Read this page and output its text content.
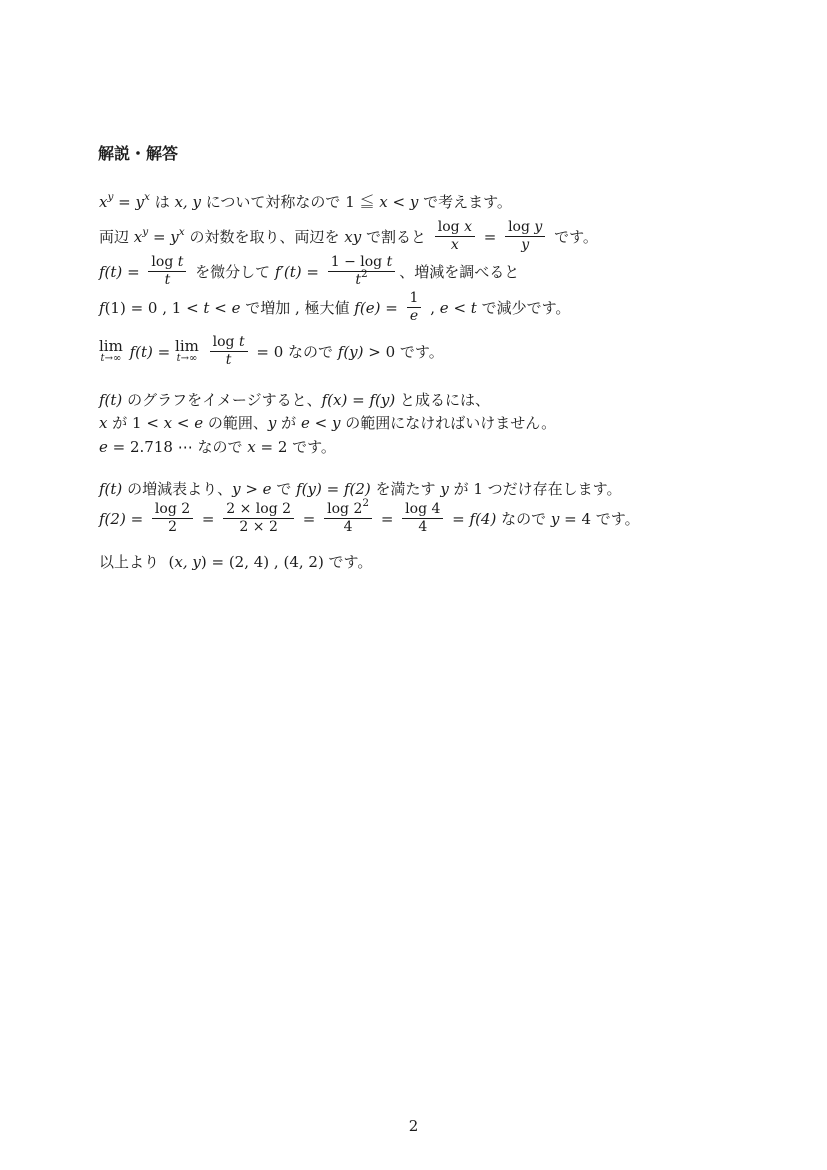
解説・解答
$x^y = y^x$ は x, y について対称なので 1 ≦ x < y で考えます。
両辺 $x^y = y^x$ の対数を取り、両辺を xy で割ると $\frac{\text{log x}}{x} = \frac{\text{log y}}{y}$ です。
$f(t) = \frac{\text{log t}}{t}$ を微分して $f'(t) = \frac{\text{1 − log t}}{t^2}$ 、増減を調べると
f(1) = 0 , 1 < t < e で増加 , 極大値 $f(e) = \frac{1}{e}$ , e < t で減少です。
lim
t→∞ f(t) = lim
t→∞
$\frac{\text{log t}}{t} = 0$ なので f(y) > 0 です。
f(t) のグラフをイメージすると、f(x) = f(y) と成るには、
x が 1 < x < e の範囲、y が e < y の範囲になければいけません。
e = 2.718 ⋯ なので x = 2 です。
f(t) の増減表より、y > e で f(y) = f(2) を満たす y が 1 つだけ存在します。
$f(2) = \frac{\log 2}{2} = \frac{2 \times \log 2}{2 \times 2} = \frac{\log 2^2}{4} = \frac{\log 4}{4} = f(4)$ なので y = 4 です。
以上より  (x, y) = (2, 4) , (4, 2) です。
2
